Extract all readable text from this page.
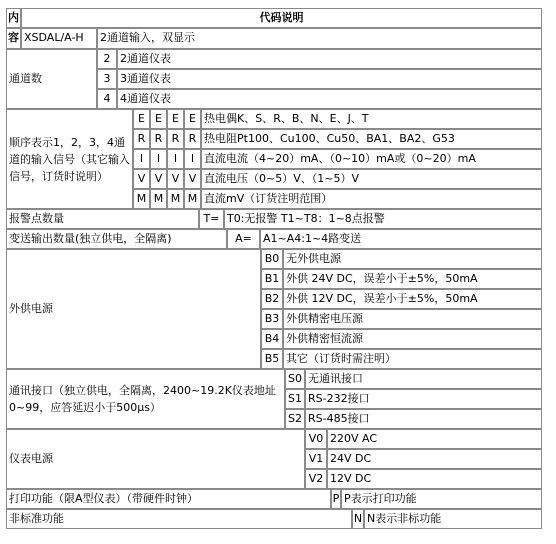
内	代码说明
容 XSDAL/A-H	2通道输入，双显示
通道数
2 2通道仪表
3 3通道仪表
4 4通道仪表
顺序表示1，2，3，4通道的输入信号（其它输入信号，订货时说明）
E E E E 热电偶K、S、R、B、N、E、J、T
R R R R 热电阻Pt100、Cu100、Cu50、BA1、BA2、G53
I	I	I	I 直流电流（4~20）mA、（0~10）mA或（0~20）mA
V V V V 直流电压（0~5）V、（1~5）V
M M M M 直流mV（订货注明范围）
报警点数量	T= T0:无报警 T1~T8：1~8点报警
变送输出数量(独立供电，全隔离)	A=	A1~A4:1~4路变送
外供电源
B0 无外供电源
B1 外供 24V DC，误差小于±5%，50mA
B2 外供 12V DC，误差小于±5%，50mA
B3 外供精密电压源
B4 外供精密恒流源
B5 其它（订货时需注明）
通讯接口（独立供电，全隔离，2400~19.2K仪表地址0~99，应答延迟小于500μs）
S0 无通讯接口
S1 RS-232接口
S2 RS-485接口
仪表电源
V0 220V AC
V1 24V DC
V2 12V DC
打印功能（限A型仪表）（带硬件时钟）	P P表示打印功能
非标准功能	N N表示非标功能
